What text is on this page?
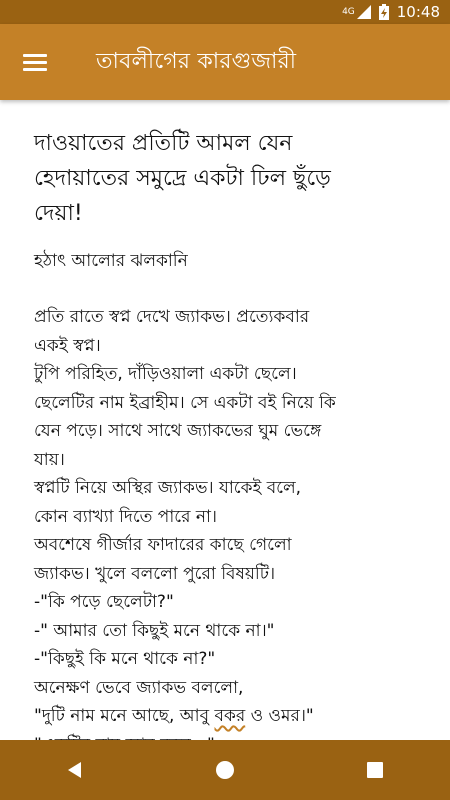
4G	10:48
তাবলীগের কারগুজারী
দাওয়াতের প্রতিটি আমল যেন
হেদায়াতের সমুদ্রে একটা ঢিল ছুঁড়ে
দেয়া!

হঠাৎ আলোর ঝলকানি

প্রতি রাতে স্বপ্ন দেখে জ্যাকভ। প্রত্যেকবার
একই স্বপ্ন।
টুপি পরিহিত, দাঁড়িওয়ালা একটা ছেলে।
ছেলেটির নাম ইব্রাহীম। সে একটা বই নিয়ে কি
যেন পড়ে। সাথে সাথে জ্যাকভের ঘুম ভেঙ্গে
যায়।
স্বপ্নটি নিয়ে অস্থির জ্যাকভ। যাকেই বলে,
কোন ব্যাখ্যা দিতে পারে না।
অবশেষে গীর্জার ফাদারের কাছে গেলো
জ্যাকভ। খুলে বললো পুরো বিষয়টি।
-"কি পড়ে ছেলেটা?"
-" আমার তো কিছুই মনে থাকে না।"
-"কিছুই কি মনে থাকে না?"
অনেক্ষণ ভেবে জ্যাকভ বললো,
"দুটি নাম মনে আছে, আবু বকর ও ওমর।"
